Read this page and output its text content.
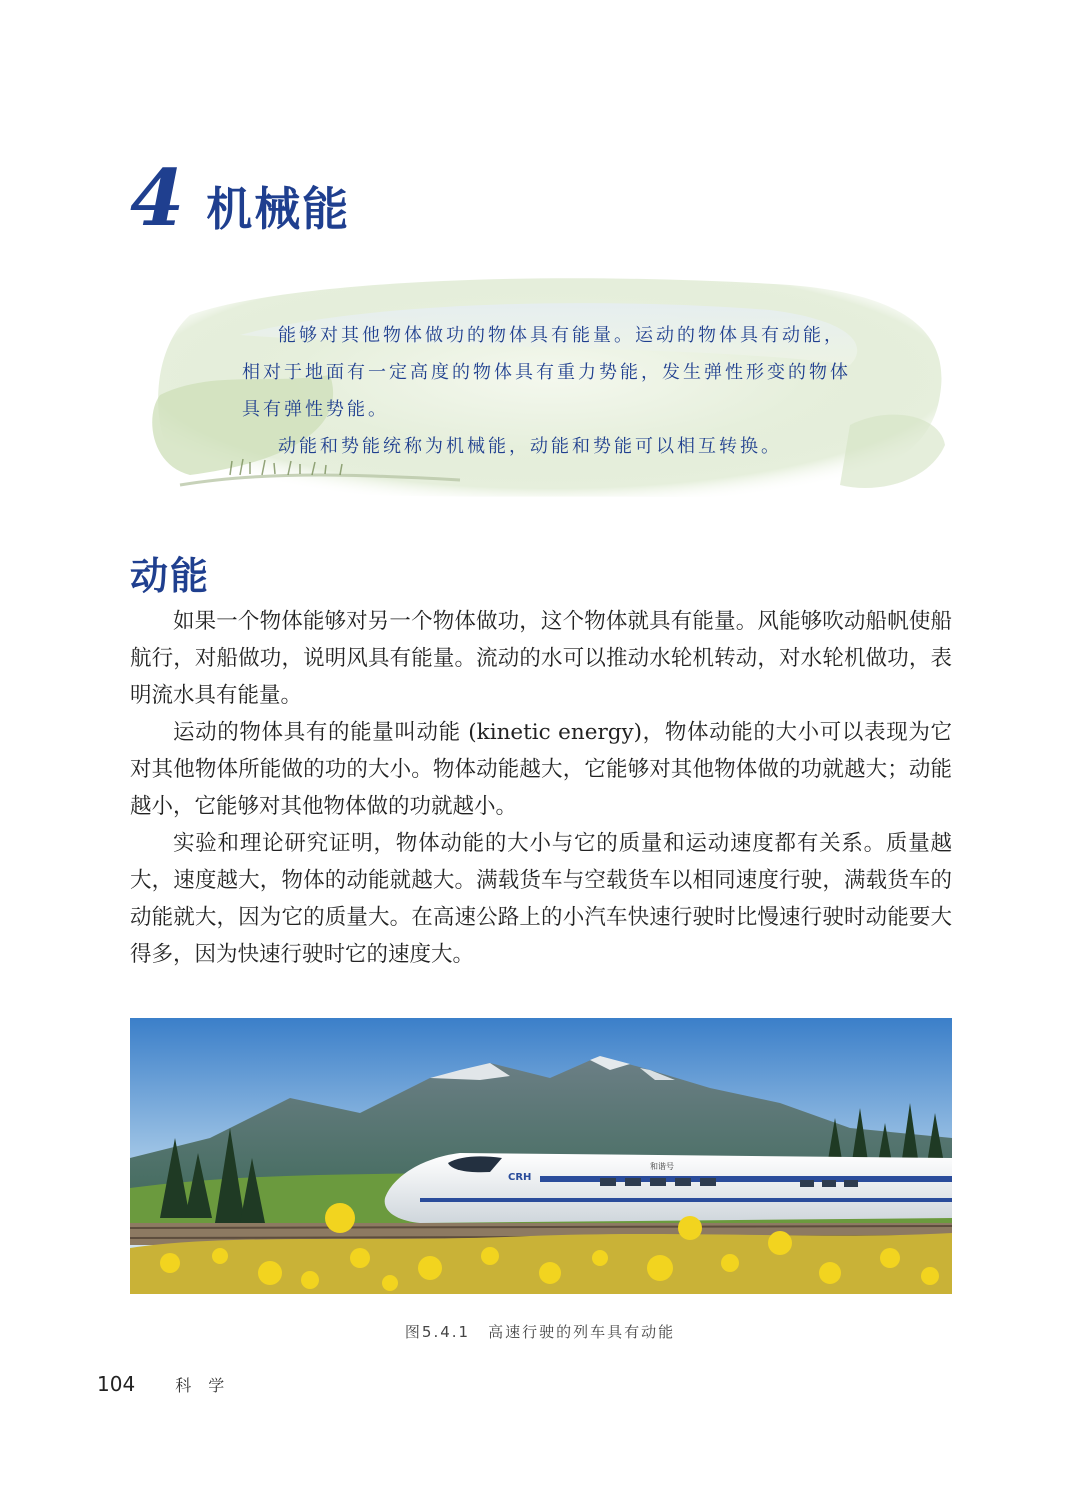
4 机械能

能够对其他物体做功的物体具有能量。运动的物体具有动能，相对于地面有一定高度的物体具有重力势能，发生弹性形变的物体具有弹性势能。

动能和势能统称为机械能，动能和势能可以相互转换。

动能

如果一个物体能够对另一个物体做功，这个物体就具有能量。风能够吹动船帆使船航行，对船做功，说明风具有能量。流动的水可以推动水轮机转动，对水轮机做功，表明流水具有能量。

运动的物体具有的能量叫动能 (kinetic energy)，物体动能的大小可以表现为它对其他物体所能做的功的大小。物体动能越大，它能够对其他物体做的功就越大；动能越小，它能够对其他物体做的功就越小。

实验和理论研究证明，物体动能的大小与它的质量和运动速度都有关系。质量越大，速度越大，物体的动能就越大。满载货车与空载货车以相同速度行驶，满载货车的动能就大，因为它的质量大。在高速公路上的小汽车快速行驶时比慢速行驶时动能要大得多，因为快速行驶时它的速度大。

CRH
和谐号
图5.4.1 高速行驶的列车具有动能
104	科 学
